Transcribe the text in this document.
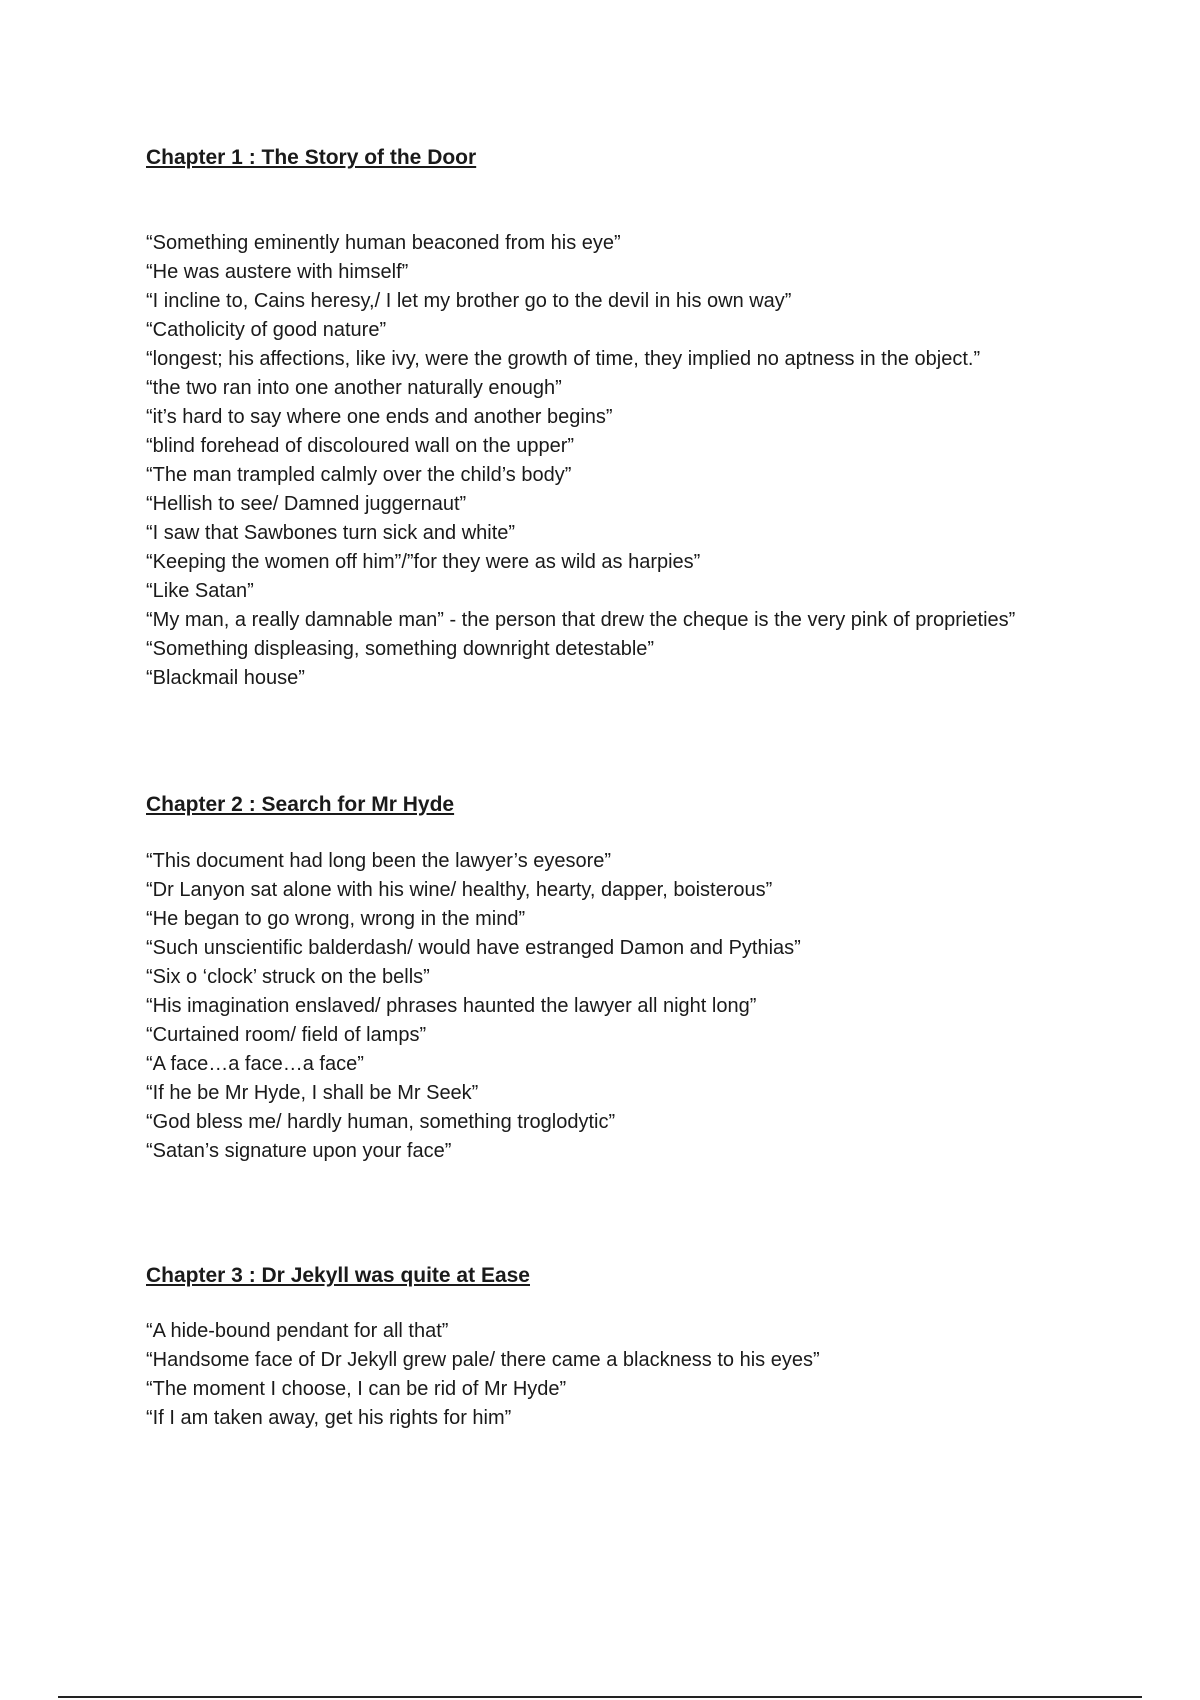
Chapter 1 : The Story of the Door
“Something eminently human beaconed from his eye”
“He was austere with himself”
“I incline to, Cains heresy,/ I let my brother go to the devil in his own way”
“Catholicity of good nature”
“longest; his affections, like ivy, were the growth of time, they implied no aptness in the object.”
“the two ran into one another naturally enough”
“it’s hard to say where one ends and another begins”
“blind forehead of discoloured wall on the upper”
“The man trampled calmly over the child’s body”
“Hellish to see/ Damned juggernaut”
“I saw that Sawbones turn sick and white”
“Keeping the women off him”/”for they were as wild as harpies”
“Like Satan”
“My man, a really damnable man” - the person that drew the cheque is the very pink of proprieties”
“Something displeasing, something downright detestable”
“Blackmail house”
Chapter 2 : Search for Mr Hyde
“This document had long been the lawyer’s eyesore”
“Dr Lanyon sat alone with his wine/ healthy, hearty, dapper, boisterous”
“He began to go wrong, wrong in the mind”
“Such unscientific balderdash/ would have estranged Damon and Pythias”
“Six o ‘clock’ struck on the bells”
“His imagination enslaved/ phrases haunted the lawyer all night long”
“Curtained room/ field of lamps”
“A face…a face…a face”
“If he be Mr Hyde, I shall be Mr Seek”
“God bless me/ hardly human, something troglodytic”
“Satan’s signature upon your face”
Chapter 3 : Dr Jekyll was quite at Ease
“A hide-bound pendant for all that”
“Handsome face of Dr Jekyll grew pale/ there came a blackness to his eyes”
“The moment I choose, I can be rid of Mr Hyde”
“If I am taken away, get his rights for him”
